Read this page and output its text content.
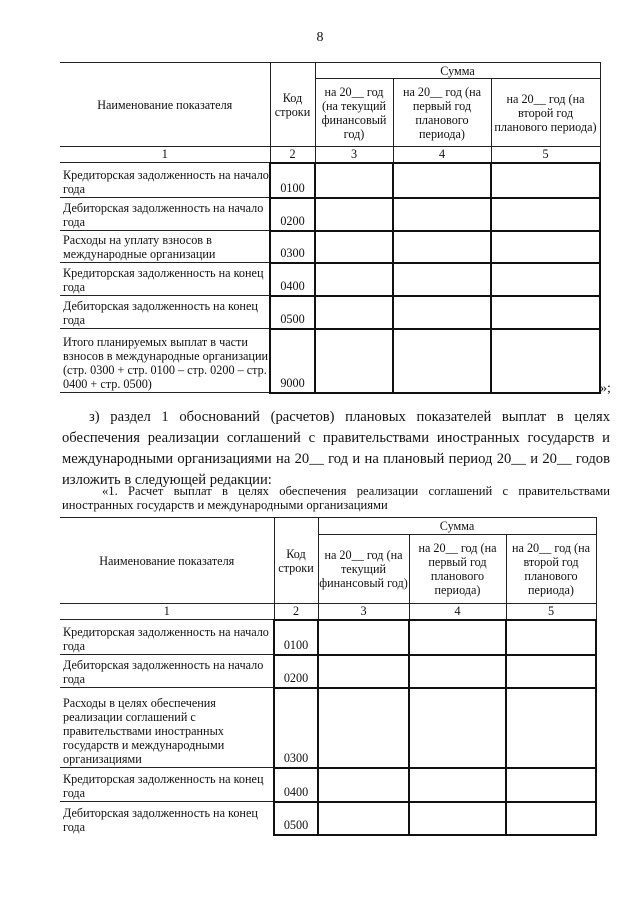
8
Наименование показателя	Код строки	Сумма		
		на 20__ год (на текущий финансовый год)	на 20__ год (на первый год планового периода)	на 20__ год (на второй год планового периода)
1	2	3	4	5
Кредиторская задолженность на начало года	0100			
Дебиторская задолженность на начало года	0200			
Расходы на уплату взносов в международные организации	0300			
Кредиторская задолженность на конец года	0400			
Дебиторская задолженность на конец года	0500			
Итого планируемых выплат в части взносов в международные организации (стр. 0300 + стр. 0100 – стр. 0200 – стр. 0400 + стр. 0500)	9000				»;
з) раздел 1 обоснований (расчетов) плановых показателей выплат в целях обеспечения реализации соглашений с правительствами иностранных государств и международными организациями на 20__ год и на плановый период 20__ и 20__ годов изложить в следующей редакции:
«1. Расчет выплат в целях обеспечения реализации соглашений с правительствами иностранных государств и международными организациями
Наименование показателя	Код строки	Сумма		
		на 20__ год (на текущий финансовый год)	на 20__ год (на первый год планового периода)	на 20__ год (на второй год планового периода)
1	2	3	4	5
Кредиторская задолженность на начало года	0100			
Дебиторская задолженность на начало года	0200			
Расходы в целях обеспечения реализации соглашений с правительствами иностранных государств и международными организациями	0300			
Кредиторская задолженность на конец года	0400			
Дебиторская задолженность на конец года	0500			
